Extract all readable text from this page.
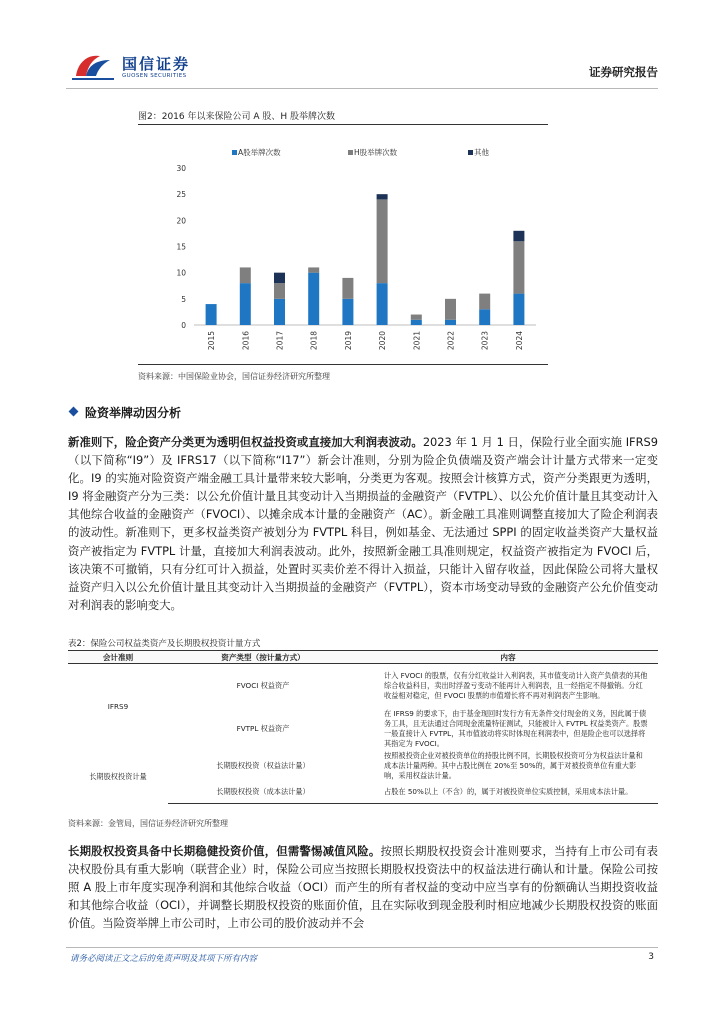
国信证券
GUOSEN SECURITIES	证券研究报告
图2：2016 年以来保险公司 A 股、H 股举牌次数
A股举牌次数	H股举牌次数	其他
0
5
10
15
20
25
30
2015	2016	2017	2018	2019	2020	2021	2022	2023	2024
资料来源：中国保险业协会，国信证券经济研究所整理
险资举牌动因分析
新准则下，险企资产分类更为透明但权益投资或直接加大利润表波动。2023 年 1 月 1 日，保险行业全面实施 IFRS9（以下简称“I9”）及 IFRS17（以下简称“I17”）新会计准则，分别为险企负债端及资产端会计计量方式带来一定变化。I9 的实施对险资资产端金融工具计量带来较大影响，分类更为客观。按照会计核算方式，资产分类跟更为透明，I9 将金融资产分为三类：以公允价值计量且其变动计入当期损益的金融资产（FVTPL）、以公允价值计量且其变动计入其他综合收益的金融资产（FVOCI）、以摊余成本计量的金融资产（AC）。新金融工具准则调整直接加大了险企利润表的波动性。新准则下，更多权益类资产被划分为 FVTPL 科目，例如基金、无法通过 SPPI 的固定收益类资产大量权益资产被指定为 FVTPL 计量，直接加大利润表波动。此外，按照新金融工具准则规定，权益资产被指定为 FVOCI 后，该决策不可撤销，只有分红可计入损益，处置时买卖价差不得计入损益，只能计入留存收益，因此保险公司将大量权益资产归入以公允价值计量且其变动计入当期损益的金融资产（FVTPL），资本市场变动导致的金融资产公允价值变动对利润表的影响变大。
表2：保险公司权益类资产及长期股权投资计量方式
会计准则	资产类型（按计量方式）	内容
IFRS9	FVOCI 权益资产	计入 FVOCI 的股票，仅有分红收益计入利润表，其市值变动计入资产负债表的其他综合收益科目，卖出时浮盈亏变动不能再计入利润表，且一经指定不得撤销。分红收益相对稳定，但 FVOCI 股票的市值增长将不再对利润表产生影响。
	FVTPL 权益资产	在 IFRS9 的要求下，由于基金现回时发行方有无条件交付现金的义务，因此属于债务工具，且无法通过合同现金流量特征测试，只能被计入 FVTPL 权益类资产。股票一般直接计入 FVTPL，其市值波动将实时体现在利润表中，但是险企也可以选择将其指定为 FVOCI。
长期股权投资计量	长期股权投资（权益法计量）	按照被投资企业对被投资单位的持股比例不同，长期股权投资可分为权益法计量和成本法计量两种。其中占股比例在 20%至 50%的，属于对被投资单位有重大影响，采用权益法计量。
	长期股权投资（成本法计量）	占股在 50%以上（不含）的，属于对被投资单位实质控制，采用成本法计量。
资料来源：金管局，国信证券经济研究所整理
长期股权投资具备中长期稳健投资价值，但需警惕减值风险。按照长期股权投资会计准则要求，当持有上市公司有表决权股份具有重大影响（联营企业）时，保险公司应当按照长期股权投资法中的权益法进行确认和计量。保险公司按照 A 股上市年度实现净利润和其他综合收益（OCI）而产生的所有者权益的变动中应当享有的份额确认当期投资收益和其他综合收益（OCI），并调整长期股权投资的账面价值，且在实际收到现金股利时相应地减少长期股权投资的账面价值。当险资举牌上市公司时，上市公司的股价波动并不会
请务必阅读正文之后的免责声明及其项下所有内容	3
